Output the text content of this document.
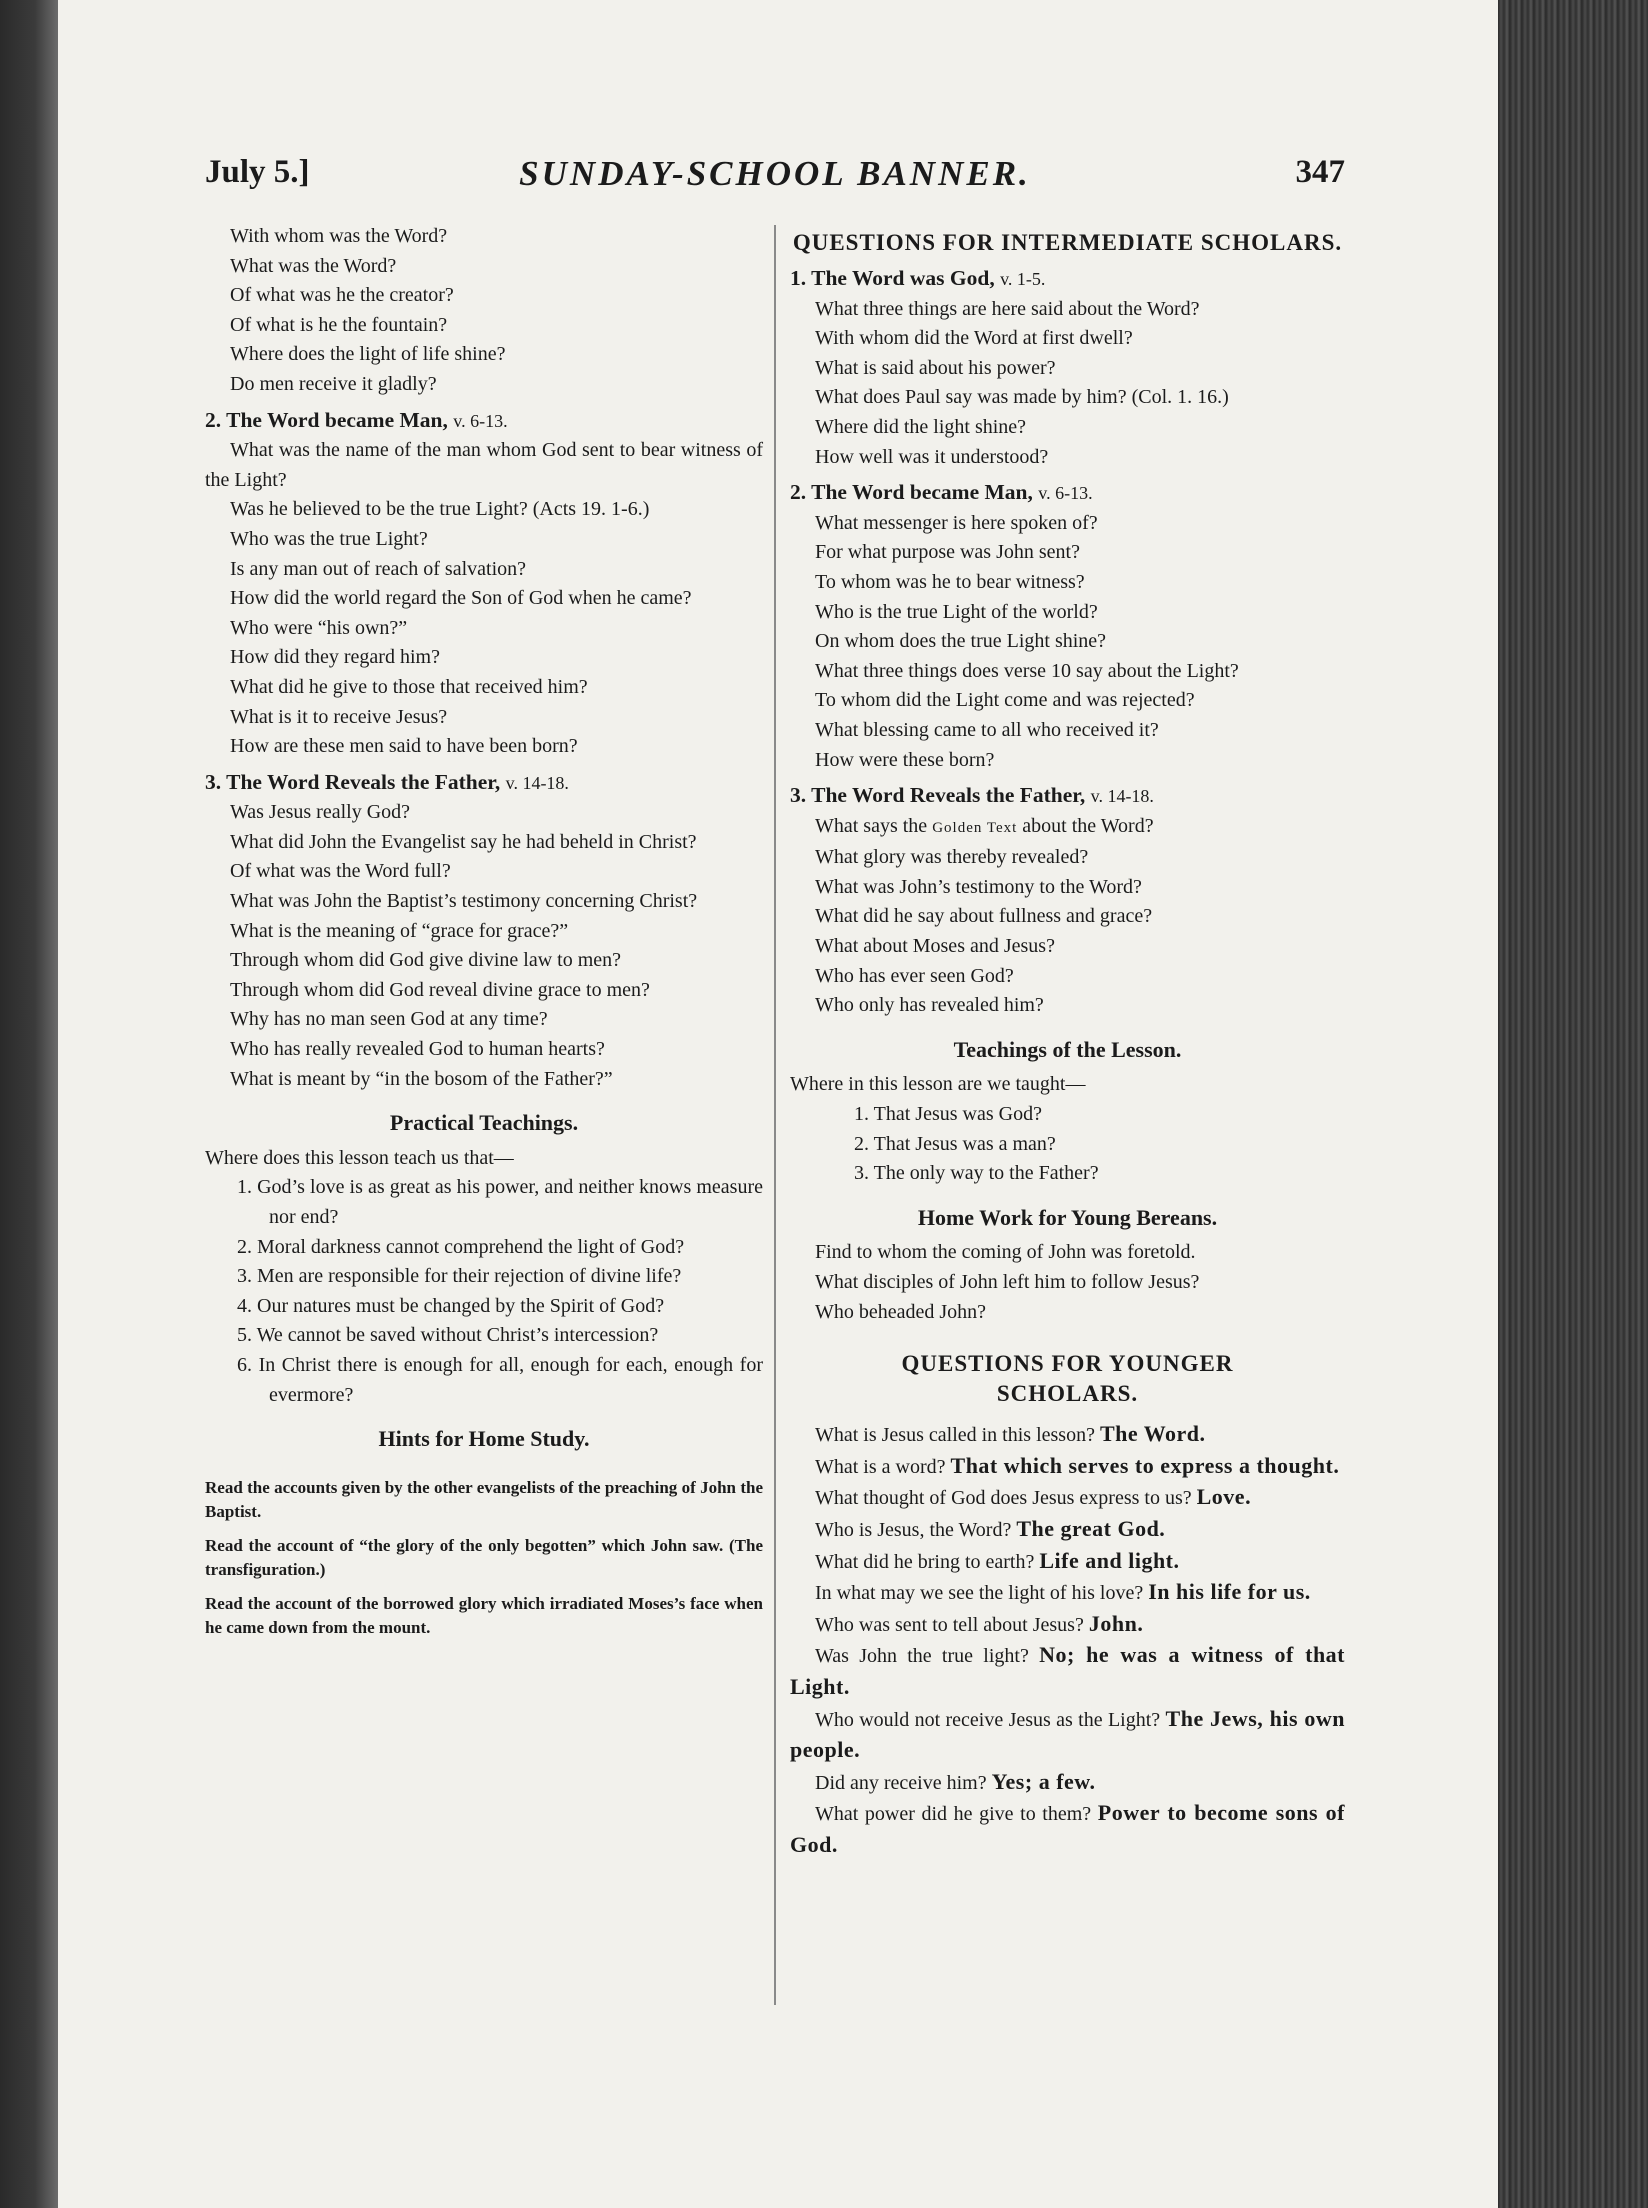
July 5.]	SUNDAY-SCHOOL BANNER.	347

With whom was the Word?

What was the Word?

Of what was he the creator?

Of what is he the fountain?

Where does the light of life shine?

Do men receive it gladly?

2. The Word became Man, v. 6-13.

What was the name of the man whom God sent to bear witness of the Light?

Was he believed to be the true Light? (Acts 19. 1-6.)

Who was the true Light?

Is any man out of reach of salvation?

How did the world regard the Son of God when he came?

Who were “his own?”

How did they regard him?

What did he give to those that received him?

What is it to receive Jesus?

How are these men said to have been born?

3. The Word Reveals the Father, v. 14-18.

Was Jesus really God?

What did John the Evangelist say he had beheld in Christ?

Of what was the Word full?

What was John the Baptist’s testimony concerning Christ?

What is the meaning of “grace for grace?”

Through whom did God give divine law to men?

Through whom did God reveal divine grace to men?

Why has no man seen God at any time?

Who has really revealed God to human hearts?

What is meant by “in the bosom of the Father?”

Practical Teachings.

Where does this lesson teach us that—

1. God’s love is as great as his power, and neither knows measure nor end?

2. Moral darkness cannot comprehend the light of God?

3. Men are responsible for their rejection of divine life?

4. Our natures must be changed by the Spirit of God?

5. We cannot be saved without Christ’s intercession?

6. In Christ there is enough for all, enough for each, enough for evermore?

Hints for Home Study.

Read the accounts given by the other evangelists of the preaching of John the Baptist.

Read the account of “the glory of the only begotten” which John saw. (The transfiguration.)

Read the account of the borrowed glory which irradiated Moses’s face when he came down from the mount.

QUESTIONS FOR INTERMEDIATE SCHOLARS.

1. The Word was God, v. 1-5.

What three things are here said about the Word?

With whom did the Word at first dwell?

What is said about his power?

What does Paul say was made by him? (Col. 1. 16.)

Where did the light shine?

How well was it understood?

2. The Word became Man, v. 6-13.

What messenger is here spoken of?

For what purpose was John sent?

To whom was he to bear witness?

Who is the true Light of the world?

On whom does the true Light shine?

What three things does verse 10 say about the Light?

To whom did the Light come and was rejected?

What blessing came to all who received it?

How were these born?

3. The Word Reveals the Father, v. 14-18.

What says the Golden Text about the Word?

What glory was thereby revealed?

What was John’s testimony to the Word?

What did he say about fullness and grace?

What about Moses and Jesus?

Who has ever seen God?

Who only has revealed him?

Teachings of the Lesson.

Where in this lesson are we taught—

1. That Jesus was God?

2. That Jesus was a man?

3. The only way to the Father?

Home Work for Young Bereans.

Find to whom the coming of John was foretold.

What disciples of John left him to follow Jesus?

Who beheaded John?

QUESTIONS FOR YOUNGER

SCHOLARS.

What is Jesus called in this lesson? The Word.

What is a word? That which serves to express a thought.

What thought of God does Jesus express to us? Love.

Who is Jesus, the Word? The great God.

What did he bring to earth? Life and light.

In what may we see the light of his love? In his life for us.

Who was sent to tell about Jesus? John.

Was John the true light? No; he was a witness of that Light.

Who would not receive Jesus as the Light? The Jews, his own people.

Did any receive him? Yes; a few.

What power did he give to them? Power to become sons of God.
